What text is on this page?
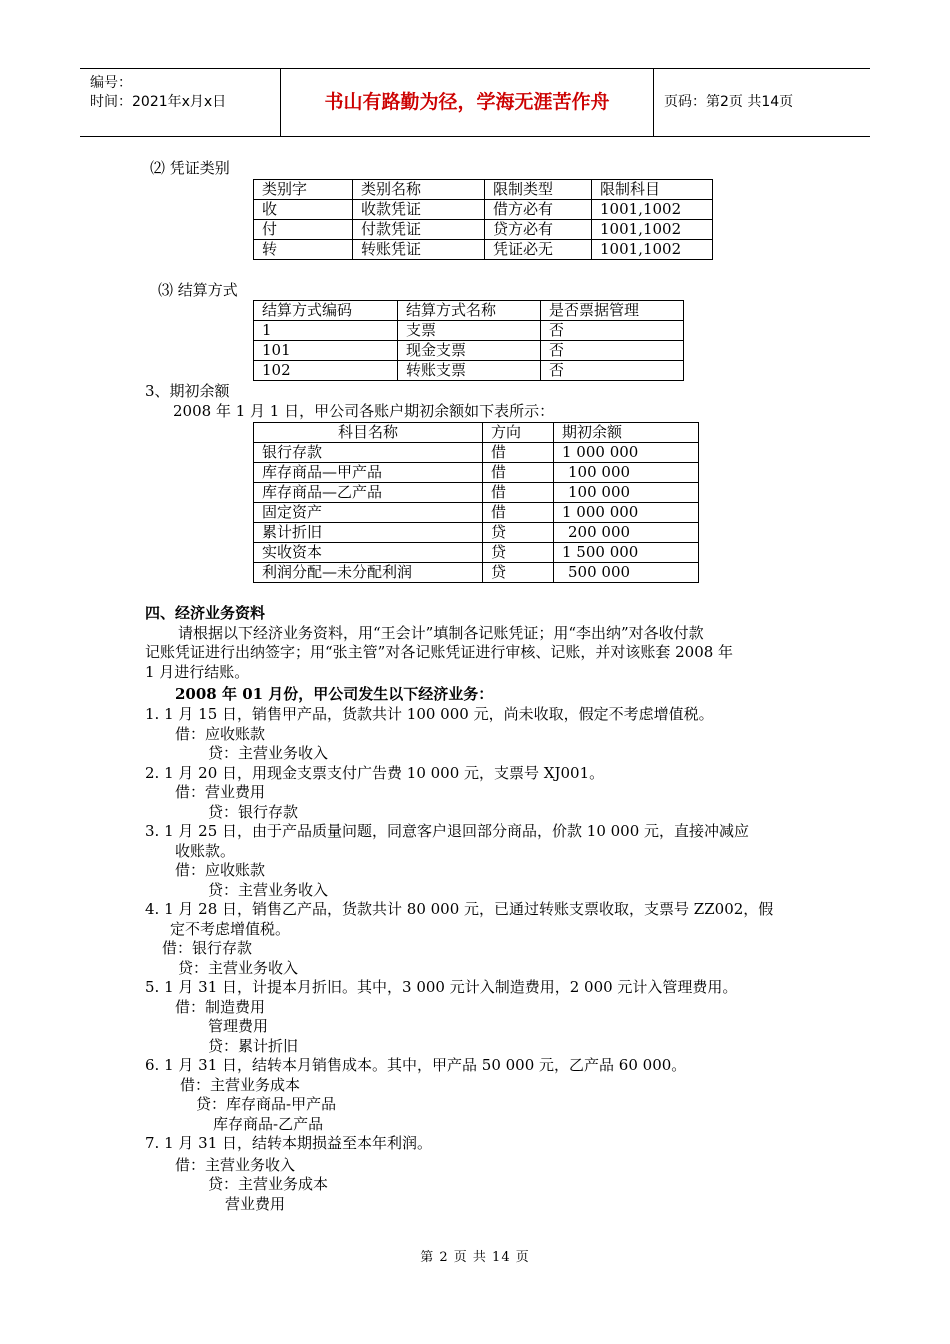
编号：
时间：2021年x月x日	书山有路勤为径，学海无涯苦作舟	页码：第2页 共14页
⑵ 凭证类别
类别字	类别名称	限制类型	限制科目
收	收款凭证	借方必有	1001,1002
付	付款凭证	贷方必有	1001,1002
转	转账凭证	凭证必无	1001,1002
⑶ 结算方式
结算方式编码	结算方式名称	是否票据管理
1	支票	否
101	现金支票	否
102	转账支票	否
3、期初余额
2008 年 1 月 1 日，甲公司各账户期初余额如下表所示：
科目名称	方向	期初余额
银行存款	借	1 000 000
库存商品—甲产品	借	100 000
库存商品—乙产品	借	100 000
固定资产	借	1 000 000
累计折旧	贷	200 000
实收资本	贷	1 500 000
利润分配—未分配利润	贷	500 000
四、经济业务资料
请根据以下经济业务资料，用“王会计”填制各记账凭证；用“李出纳”对各收付款
记账凭证进行出纳签字；用“张主管”对各记账凭证进行审核、记账，并对该账套 2008 年
1 月进行结账。
2008 年 01 月份，甲公司发生以下经济业务：
1. 1 月 15 日，销售甲产品，货款共计 100 000 元，尚未收取，假定不考虑增值税。
借：应收账款
贷：主营业务收入
2. 1 月 20 日，用现金支票支付广告费 10 000 元，支票号 XJ001。
借：营业费用
贷：银行存款
3. 1 月 25 日，由于产品质量问题，同意客户退回部分商品，价款 10 000 元，直接冲减应
收账款。
借：应收账款
贷：主营业务收入
4. 1 月 28 日，销售乙产品，货款共计 80 000 元，已通过转账支票收取，支票号 ZZ002，假
定不考虑增值税。
借：银行存款
贷：主营业务收入
5. 1 月 31 日，计提本月折旧。其中，3 000 元计入制造费用，2 000 元计入管理费用。
借：制造费用
管理费用
贷：累计折旧
6. 1 月 31 日，结转本月销售成本。其中，甲产品 50 000 元，乙产品 60 000。
借：主营业务成本
贷：库存商品-甲产品
库存商品-乙产品
7. 1 月 31 日，结转本期损益至本年利润。
借：主营业务收入
贷：主营业务成本
营业费用
第 2 页 共 14 页
